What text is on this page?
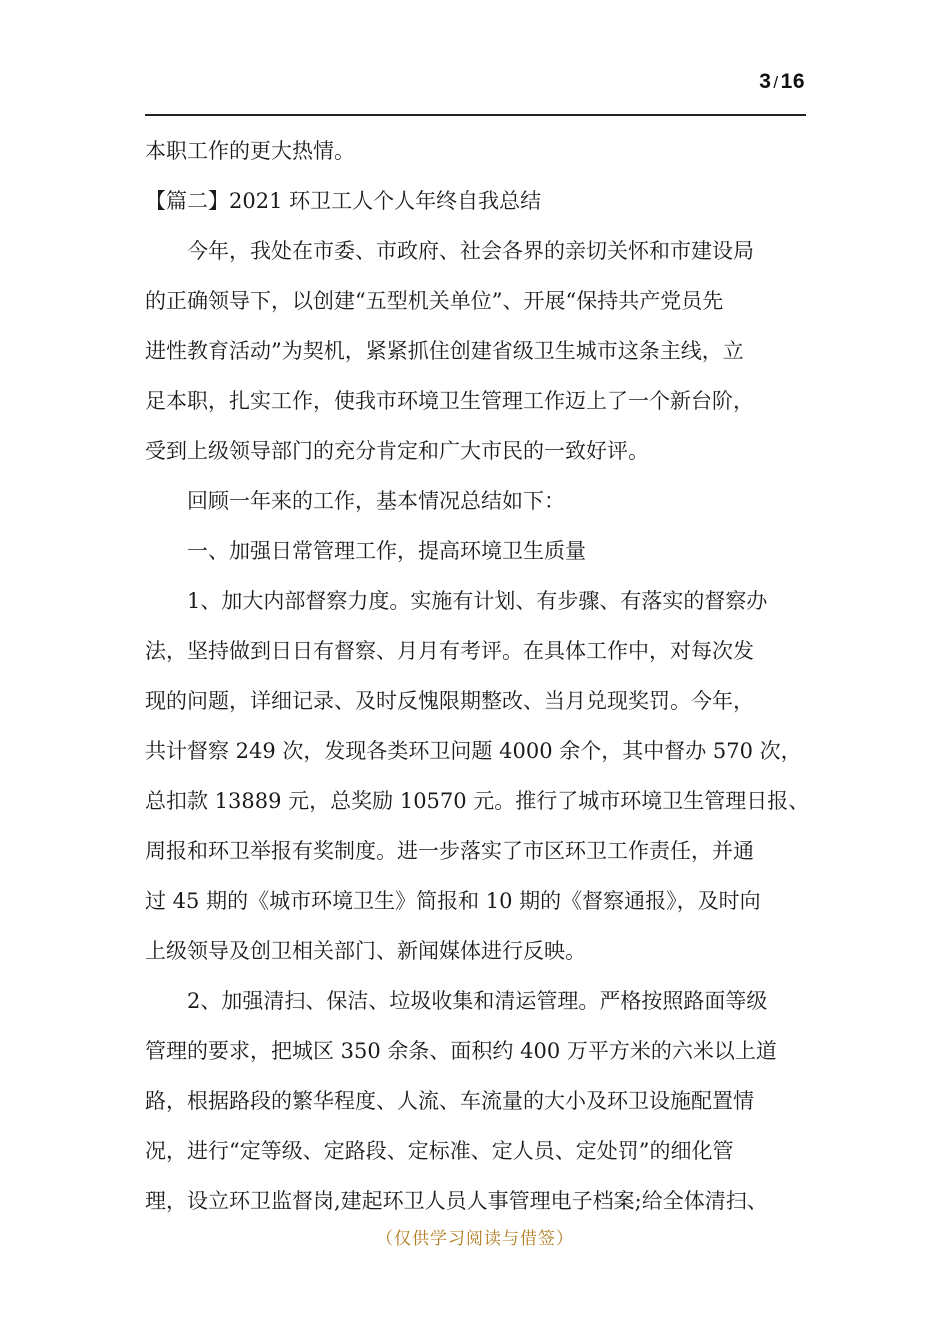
3 /16
本职工作的更大热情。
【篇二】2021 环卫工人个人年终自我总结
今年，我处在市委、市政府、社会各界的亲切关怀和市建设局
的正确领导下，以创建“五型机关单位”、开展“保持共产党员先
进性教育活动”为契机，紧紧抓住创建省级卫生城市这条主线，立
足本职，扎实工作，使我市环境卫生管理工作迈上了一个新台阶，
受到上级领导部门的充分肯定和广大市民的一致好评。
回顾一年来的工作，基本情况总结如下：
一、加强日常管理工作，提高环境卫生质量
1、加大内部督察力度。实施有计划、有步骤、有落实的督察办
法，坚持做到日日有督察、月月有考评。在具体工作中，对每次发
现的问题，详细记录、及时反愧限期整改、当月兑现奖罚。今年，
共计督察 249 次，发现各类环卫问题 4000 余个，其中督办 570 次，
总扣款 13889 元，总奖励 10570 元。推行了城市环境卫生管理日报、
周报和环卫举报有奖制度。进一步落实了市区环卫工作责任，并通
过 45 期的《城市环境卫生》简报和 10 期的《督察通报》，及时向
上级领导及创卫相关部门、新闻媒体进行反映。
2、加强清扫、保洁、垃圾收集和清运管理。严格按照路面等级
管理的要求，把城区 350 余条、面积约 400 万平方米的六米以上道
路，根据路段的繁华程度、人流、车流量的大小及环卫设施配置情
况，进行“定等级、定路段、定标准、定人员、定处罚”的细化管
理，设立环卫监督岗,建起环卫人员人事管理电子档案;给全体清扫、
（仅供学习阅读与借签）
